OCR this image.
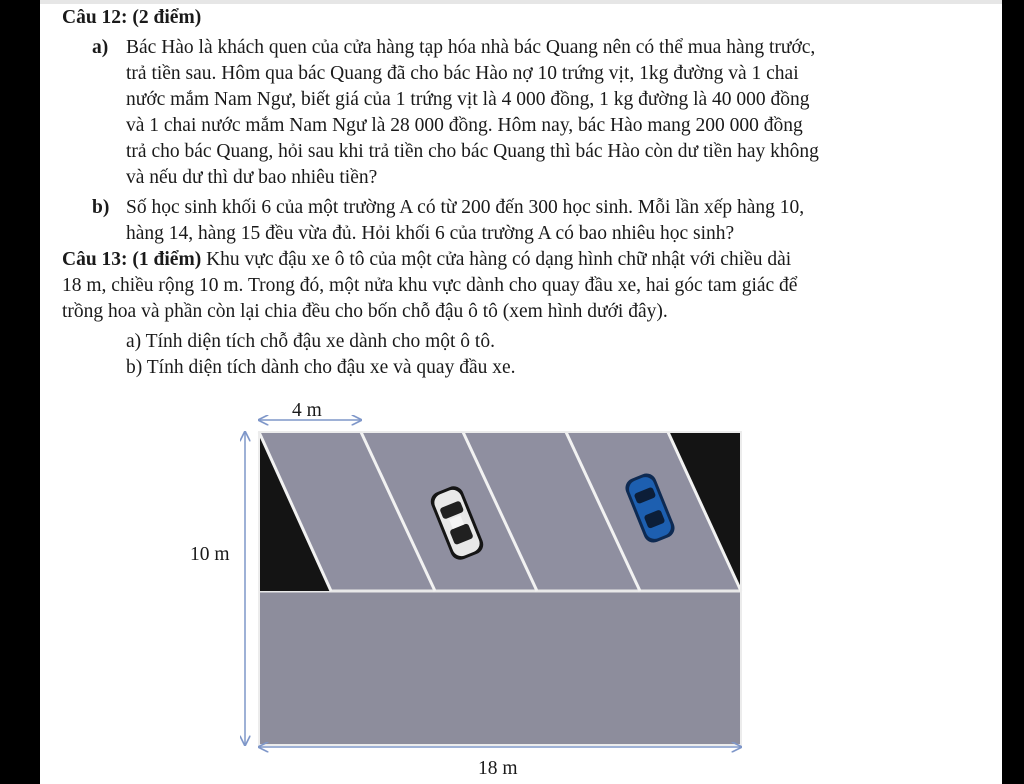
Câu 12: (2 điểm)
a) Bác Hào là khách quen của cửa hàng tạp hóa nhà bác Quang nên có thể mua hàng trước,
trả tiền sau. Hôm qua bác Quang đã cho bác Hào nợ 10 trứng vịt, 1kg đường và 1 chai
nước mắm Nam Ngư, biết giá của 1 trứng vịt là 4 000 đồng, 1 kg đường là 40 000 đồng
và 1 chai nước mắm Nam Ngư là 28 000 đồng. Hôm nay, bác Hào mang 200 000 đồng
trả cho bác Quang, hỏi sau khi trả tiền cho bác Quang thì bác Hào còn dư tiền hay không
và nếu dư thì dư bao nhiêu tiền?
b) Số học sinh khối 6 của một trường A có từ 200 đến 300 học sinh. Mỗi lần xếp hàng 10,
hàng 14, hàng 15 đều vừa đủ. Hỏi khối 6 của trường A có bao nhiêu học sinh?
Câu 13: (1 điểm) Khu vực đậu xe ô tô của một cửa hàng có dạng hình chữ nhật với chiều dài
18 m, chiều rộng 10 m. Trong đó, một nửa khu vực dành cho quay đầu xe, hai góc tam giác để
trồng hoa và phần còn lại chia đều cho bốn chỗ đậu ô tô (xem hình dưới đây).
a) Tính diện tích chỗ đậu xe dành cho một ô tô.
b) Tính diện tích dành cho đậu xe và quay đầu xe.
4 m
10 m
18 m
